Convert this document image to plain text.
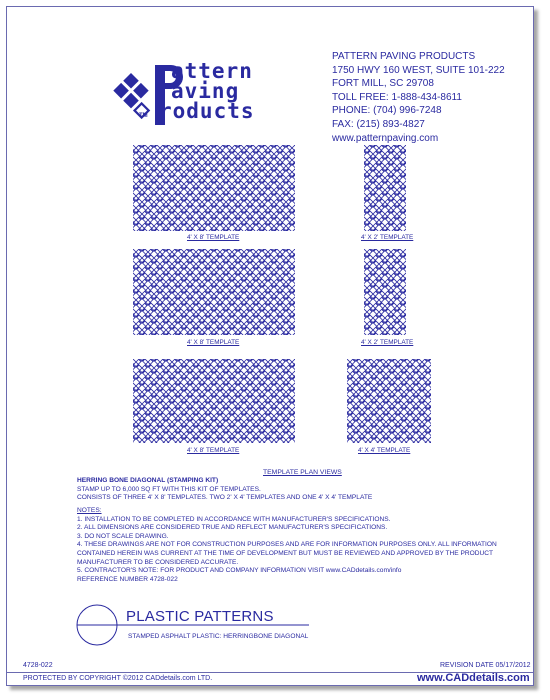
TM
attern
aving
roducts
PATTERN PAVING PRODUCTS
1750 HWY 160 WEST, SUITE 101-222
FORT MILL, SC 29708
TOLL FREE: 1-888-434-8611
PHONE: (704) 996-7248
FAX: (215) 893-4827
www.patternpaving.com
4' X 8' TEMPLATE	4' X 2' TEMPLATE
4' X 8' TEMPLATE	4' X 2' TEMPLATE
4' X 8' TEMPLATE	4' X 4' TEMPLATE
TEMPLATE PLAN VIEWS
HERRING BONE DIAGONAL (STAMPING KIT)
STAMP UP TO 6,000 SQ FT WITH THIS KIT OF TEMPLATES.
CONSISTS OF THREE 4' X 8' TEMPLATES. TWO 2' X 4' TEMPLATES AND ONE 4' X 4' TEMPLATE
NOTES:
1. INSTALLATION TO BE COMPLETED IN ACCORDANCE WITH MANUFACTURER'S SPECIFICATIONS.
2. ALL DIMENSIONS ARE CONSIDERED TRUE AND REFLECT MANUFACTURER'S SPECIFICATIONS.
3. DO NOT SCALE DRAWING.
4. THESE DRAWINGS ARE NOT FOR CONSTRUCTION PURPOSES AND ARE FOR INFORMATION PURPOSES ONLY. ALL INFORMATION
CONTAINED HEREIN WAS CURRENT AT THE TIME OF DEVELOPMENT BUT MUST BE REVIEWED AND APPROVED BY THE PRODUCT
MANUFACTURER TO BE CONSIDERED ACCURATE.
5. CONTRACTOR'S NOTE: FOR PRODUCT AND COMPANY INFORMATION VISIT www.CADdetails.com/info
REFERENCE NUMBER 4728-022
PLASTIC PATTERNS
STAMPED ASPHALT PLASTIC: HERRINGBONE DIAGONAL
4728-022	REVISION DATE 05/17/2012
PROTECTED BY COPYRIGHT ©2012 CADdetails.com LTD.	www.CADdetails.com
